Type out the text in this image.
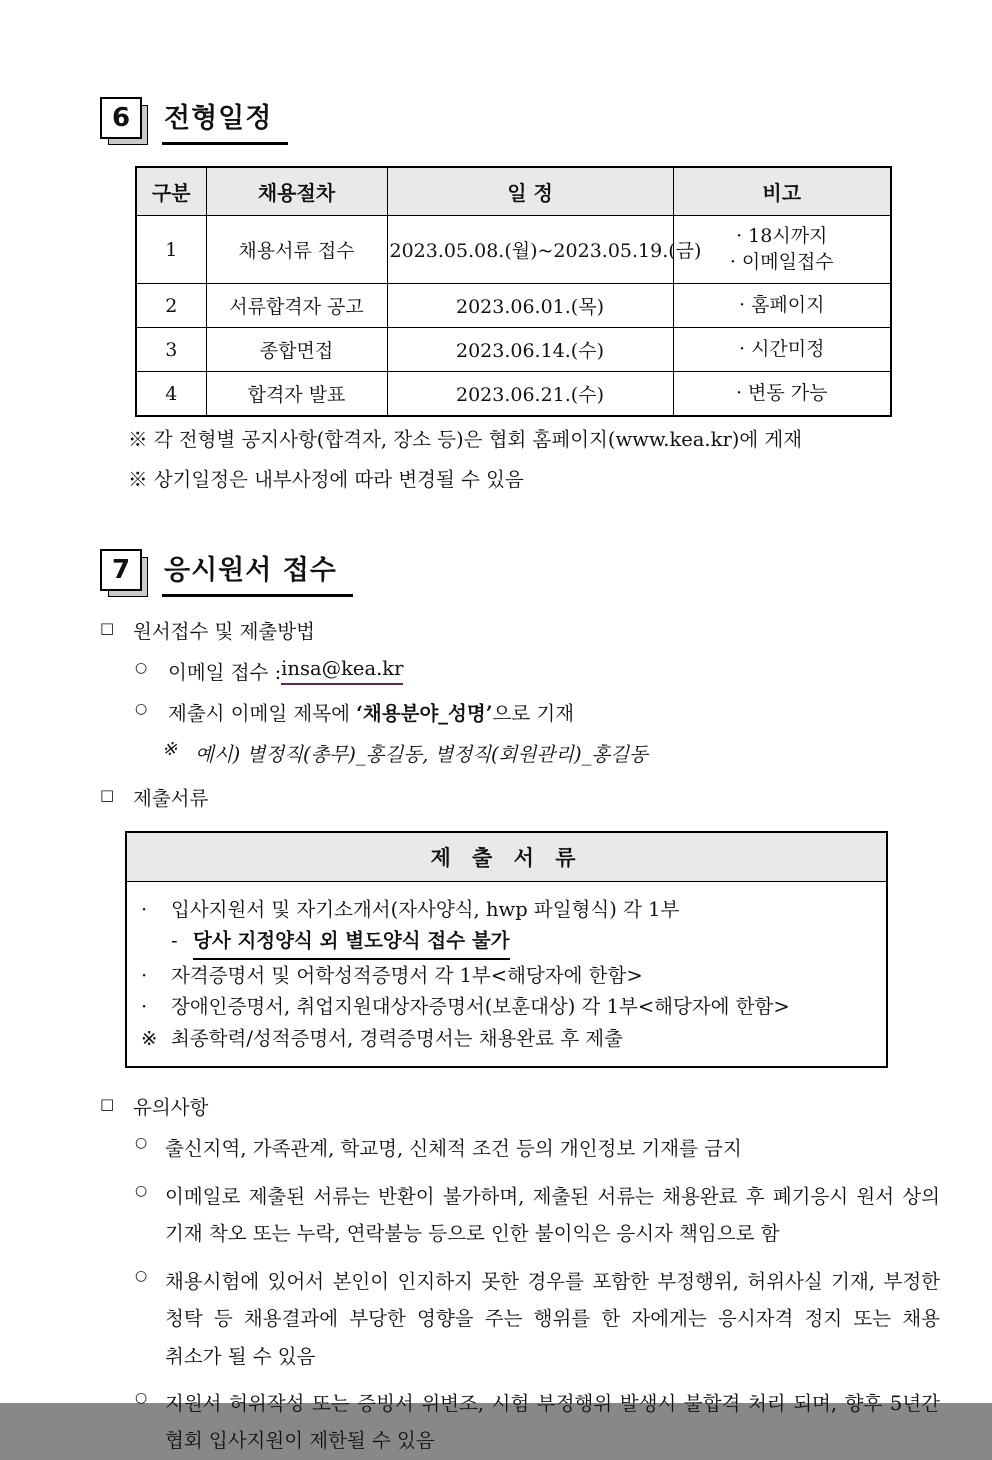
6	전형일정
구분	채용절차	일 정	비고
1	채용서류 접수	2023.05.08.(월)~2023.05.19.(금)	· 18시까지
· 이메일접수

2	서류합격자 공고	2023.06.01.(목)	· 홈페이지
3	종합면접	2023.06.14.(수)	· 시간미정
4	합격자 발표	2023.06.21.(수)	· 변동 가능
※ 각 전형별 공지사항(합격자, 장소 등)은 협회 홈페이지(www.kea.kr)에 게재
※ 상기일정은 내부사정에 따라 변경될 수 있음
7	응시원서 접수
□ 원서접수 및 제출방법
○	이메일 접수 : insa@kea.kr
○	제출시 이메일 제목에 ‘채용분야_성명’으로 기재
※ 예시) 별정직(총무)_홍길동, 별정직(회원관리)_홍길동
□ 제출서류
제 출 서 류

·	입사지원서 및 자기소개서(자사양식, hwp 파일형식) 각 1부
- 당사 지정양식 외 별도양식 접수 불가
·	자격증명서 및 어학성적증명서 각 1부<해당자에 한함>
·	장애인증명서, 취업지원대상자증명서(보훈대상) 각 1부<해당자에 한함>
※ 최종학력/성적증명서, 경력증명서는 채용완료 후 제출
□ 유의사항
○ 출신지역, 가족관계, 학교명, 신체적 조건 등의 개인정보 기재를 금지
○ 이메일로 제출된 서류는 반환이 불가하며, 제출된 서류는 채용완료 후 폐기응시 원서 상의 기재 착오 또는 누락, 연락불능 등으로 인한 불이익은 응시자 책임으로 함
○ 채용시험에 있어서 본인이 인지하지 못한 경우를 포함한 부정행위, 허위사실 기재, 부정한 청탁 등 채용결과에 부당한 영향을 주는 행위를 한 자에게는 응시자격 정지 또는 채용 취소가 될 수 있음
○ 지원서 허위작성 또는 증빙서 위변조, 시험 부정행위 발생시 불합격 처리 되며, 향후 5년간 협회 입사지원이 제한될 수 있음
